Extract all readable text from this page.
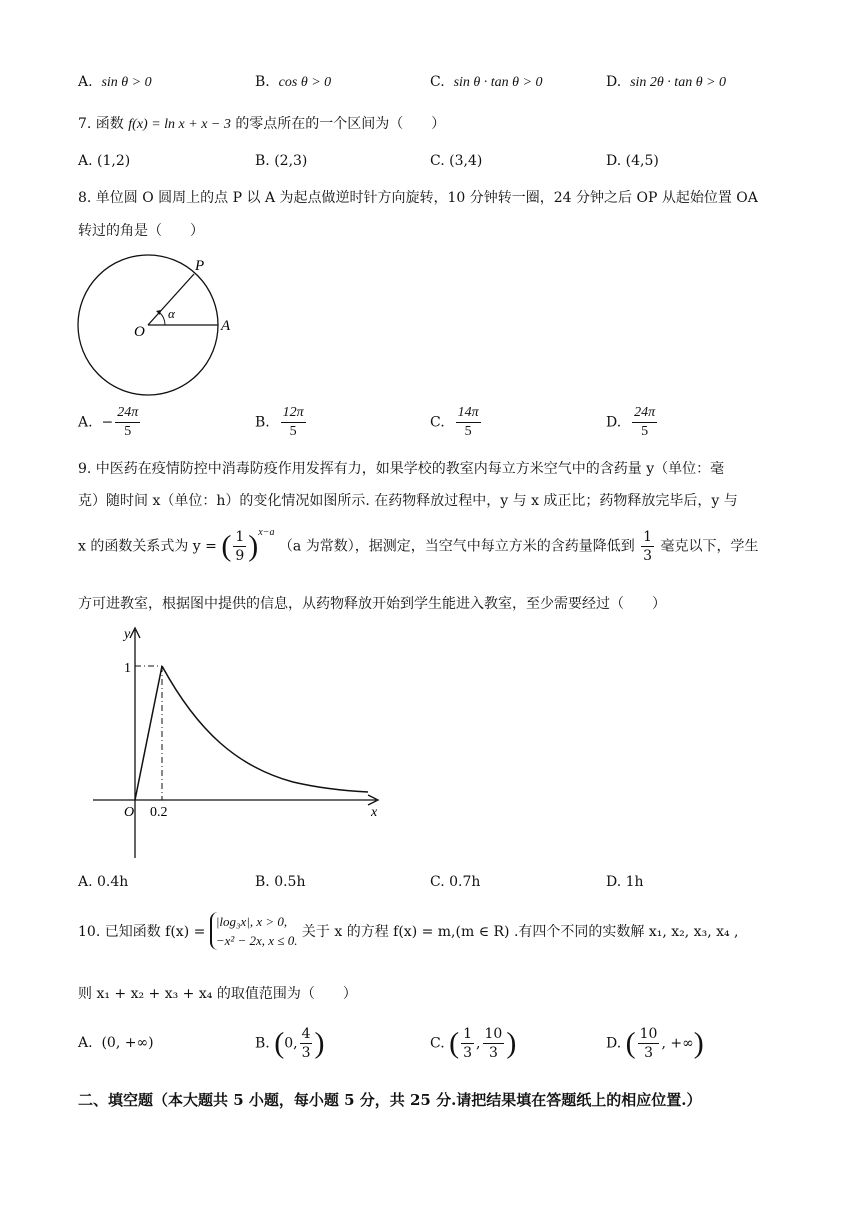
A. sin θ > 0	B. cos θ > 0	C. sin θ · tan θ > 0	D. sin 2θ · tan θ > 0
7. 函数 f(x) = ln x + x − 3 的零点所在的一个区间为（　　）
A. (1,2)	B. (2,3)	C. (3,4)	D. (4,5)
8. 单位圆 O 圆周上的点 P 以 A 为起点做逆时针方向旋转，10 分钟转一圈，24 分钟之后 OP 从起始位置 OA
转过的角是（　　）
P
O	A
α
A. − $\frac{24\pi}{5}$	B. $\frac{12\pi}{5}$	C. $\frac{14\pi}{5}$	D. $\frac{24\pi}{5}$
9. 中医药在疫情防控中消毒防疫作用发挥有力，如果学校的教室内每立方米空气中的含药量 y（单位：毫
克）随时间 x（单位：h）的变化情况如图所示. 在药物释放过程中，y 与 x 成正比；药物释放完毕后，y 与
x 的函数关系式为 y = ( $\frac{1}{9} )^{x-a}$ （a 为常数），据测定，当空气中每立方米的含药量降低到 $\frac{1}{3}$ 毫克以下，学生
方可进教室，根据图中提供的信息，从药物释放开始到学生能进入教室，至少需要经过（　　）
y
x
1
O 0.2
A. 0.4h	B. 0.5h	C. 0.7h	D. 1h
10. 已知函数 f(x) =
|log₃x|, x > 0,
−x² − 2x, x ≤ 0.
关于 x 的方程 f(x) = m,(m ∈ R) .有四个不同的实数解 x₁, x₂, x₃, x₄ ,
则 x₁ + x₂ + x₃ + x₄ 的取值范围为（　　）
A. (0, +∞)	B. (0, $\frac{4}{3}$ )	C. ( $\frac{1}{3}$ , $\frac{10}{3}$ )	D. ( $\frac{10}{3}$ , +∞)
二、填空题（本大题共 5 小题，每小题 5 分，共 25 分.请把结果填在答题纸上的相应位置.）
